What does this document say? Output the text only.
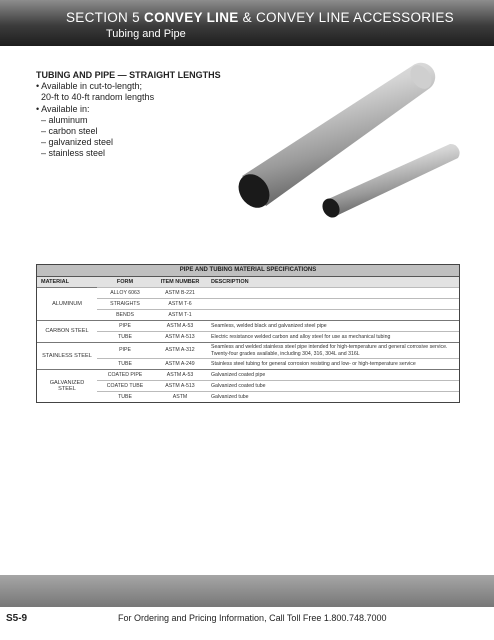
SECTION 5 CONVEY LINE & CONVEY LINE ACCESSORIES
Tubing and Pipe
TUBING AND PIPE — STRAIGHT LENGTHS
• Available in cut-to-length;
20-ft to 40-ft random lengths
• Available in:
– aluminum
– carbon steel
– galvanized steel
– stainless steel
PIPE AND TUBING MATERIAL SPECIFICATIONS
MATERIAL	FORM	ITEM NUMBER	DESCRIPTION
ALUMINUM	ALLOY 6063	ASTM B-221	
	STRAIGHTS	ASTM T-6	
	BENDS	ASTM T-1	
CARBON STEEL	PIPE	ASTM A-53	Seamless, welded black and galvanized steel pipe
	TUBE	ASTM A-513	Electric resistance welded carbon and alloy steel for use as mechanical tubing
STAINLESS STEEL	PIPE	ASTM A-312	Seamless and welded stainless steel pipe intended for high-temperature and general corrosive service. Twenty-four grades available, including 304, 316, 304L and 316L
	TUBE	ASTM A-249	Stainless steel tubing for general corrosion resisting and low- or high-temperature service
GALVANIZED STEEL	COATED PIPE	ASTM A-53	Galvanized coated pipe
	COATED TUBE	ASTM A-513	Galvanized coated tube
	TUBE	ASTM	Galvanized tube
S5-9	For Ordering and Pricing Information, Call Toll Free 1.800.748.7000
